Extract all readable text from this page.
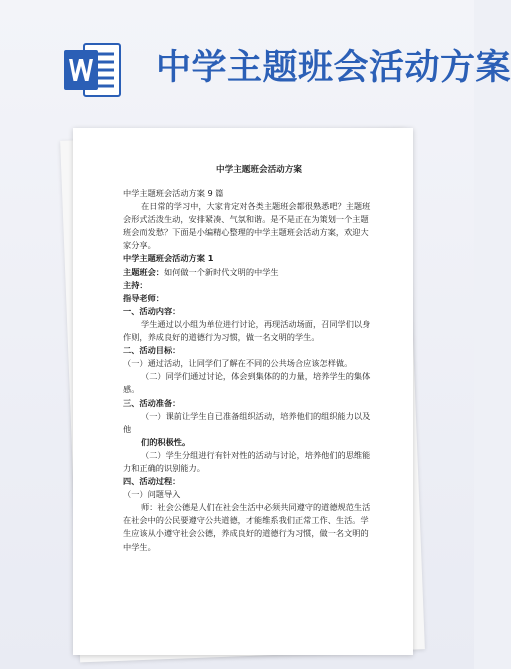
中学主题班会活动方案

中学主题班会活动方案

中学主题班会活动方案 9 篇

在日常的学习中，大家肯定对各类主题班会都很熟悉吧？主题班
会形式活泼生动，安排紧凑、气氛和谐。是不是正在为策划一个主题
班会而发愁？下面是小编精心整理的中学主题班会活动方案，欢迎大
家分享。

中学主题班会活动方案 1

主题班会：如何做一个新时代文明的中学生

主持：

指导老师：

一、活动内容：

学生通过以小组为单位进行讨论，再现活动场面，召同学们以身
作则，养成良好的道德行为习惯，做一名文明的学生。

二、活动目标：

（一）通过活动，让同学们了解在不同的公共场合应该怎样做。

（二）同学们通过讨论，体会到集体的的力量，培养学生的集体
感。

三、活动准备：

（一）课前让学生自已准备组织活动，培养他们的组织能力以及
他
们的积极性。

（二）学生分组进行有针对性的活动与讨论，培养他们的思维能
力和正确的识别能力。

四、活动过程：

（一）问题导入

师：社会公德是人们在社会生活中必须共同遵守的道德规范生活
在社会中的公民要遵守公共道德，才能维系我们正常工作、生活。学
生应该从小遵守社会公德，养成良好的道德行为习惯，做一名文明的
中学生。
